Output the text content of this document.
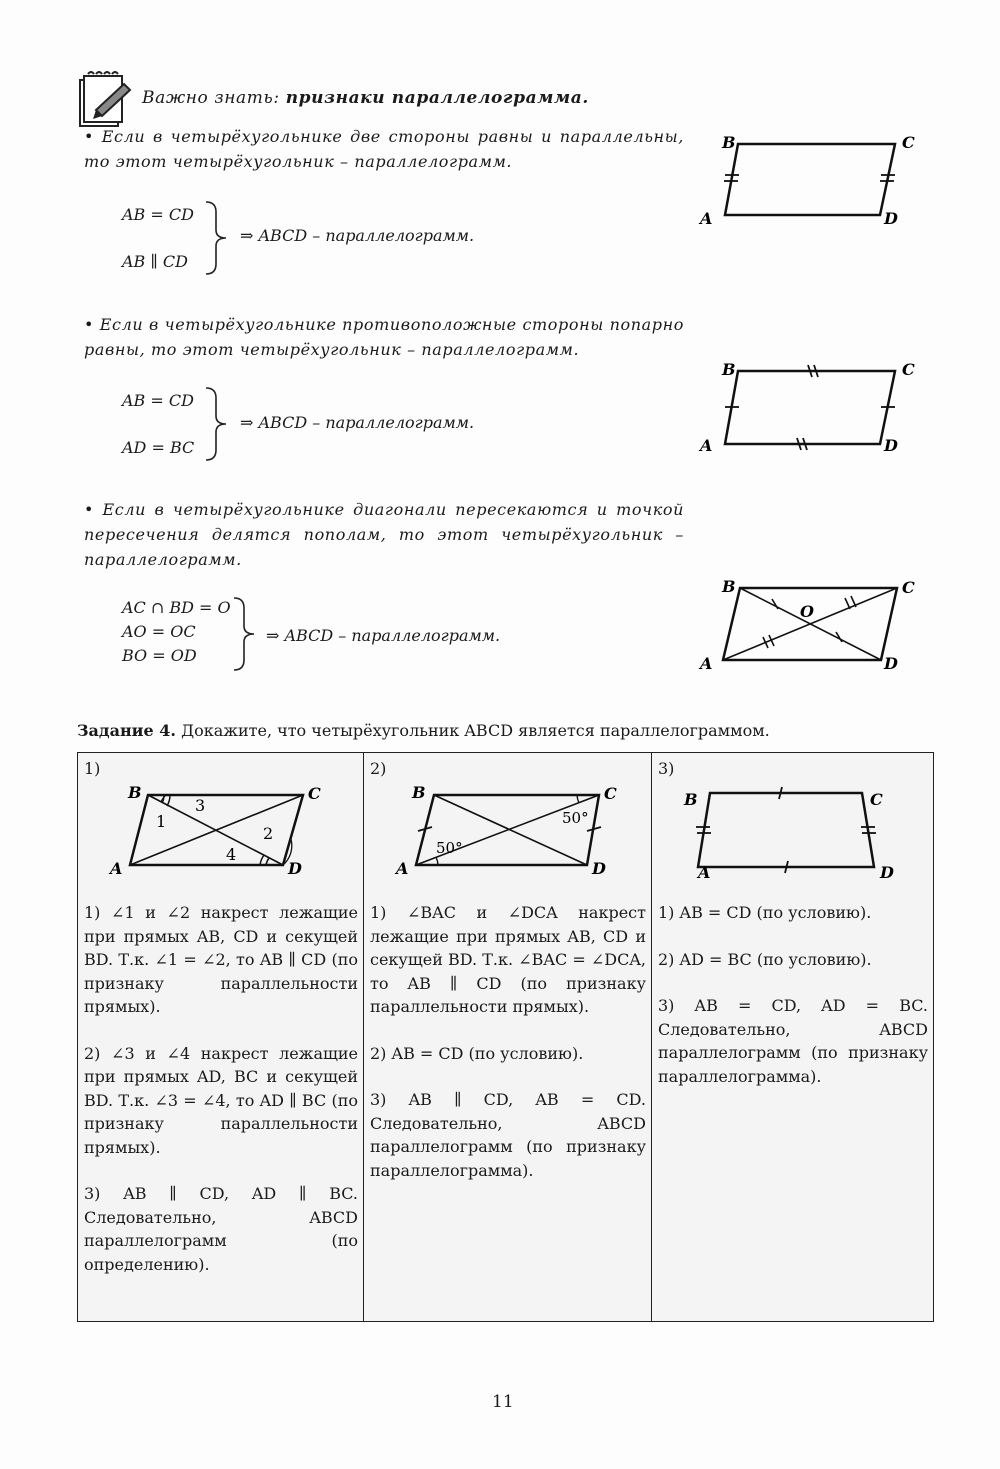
Важно знать: признаки параллелограмма.
• Если в четырёхугольнике две стороны равны и параллельны, то этот четырёхугольник – параллелограмм.
AB = CD
AB ∥ CD
⇒ ABCD – параллелограмм.
• Если в четырёхугольнике противоположные стороны попарно равны, то этот четырёхугольник – параллелограмм.
AB = CD
AD = BC
⇒ ABCD – параллелограмм.
• Если в четырёхугольнике диагонали пересекаются и точкой пересечения делятся пополам, то этот четырёхугольник – параллелограмм.
AC ∩ BD = O
AO = OC
BO = OD
⇒ ABCD – параллелограмм.
B	C
A	D
B	C
A	D
B	C
A	D
O
Задание 4. Докажите, что четырёхугольник ABCD является параллелограммом.
1)
B	C
A	D
1
3
2
4

1) ∠1 и ∠2 накрест лежащие при прямых AB, CD и секущей BD. Т.к. ∠1 = ∠2, то AB ∥ CD (по признаку параллельности прямых).

2) ∠3 и ∠4 накрест лежащие при прямых AD, BC и секущей BD. Т.к. ∠3 = ∠4, то AD ∥ BC (по признаку параллельности прямых).

3) AB ∥ CD, AD ∥ BC. Следовательно, ABCD параллелограмм (по определению).

2)
B	C
A	D
50°
50°

1) ∠BAC и ∠DCA накрест лежащие при прямых AB, CD и секущей BD. Т.к. ∠BAC = ∠DCA, то AB ∥ CD (по признаку параллельности прямых).

2) AB = CD (по условию).

3) AB ∥ CD, AB = CD. Следовательно, ABCD параллелограмм (по признаку параллелограмма).

3)
B	C
A	D

1) AB = CD (по условию).

2) AD = BC (по условию).

3) AB = CD, AD = BC. Следовательно, ABCD параллелограмм (по признаку параллелограмма).

11
